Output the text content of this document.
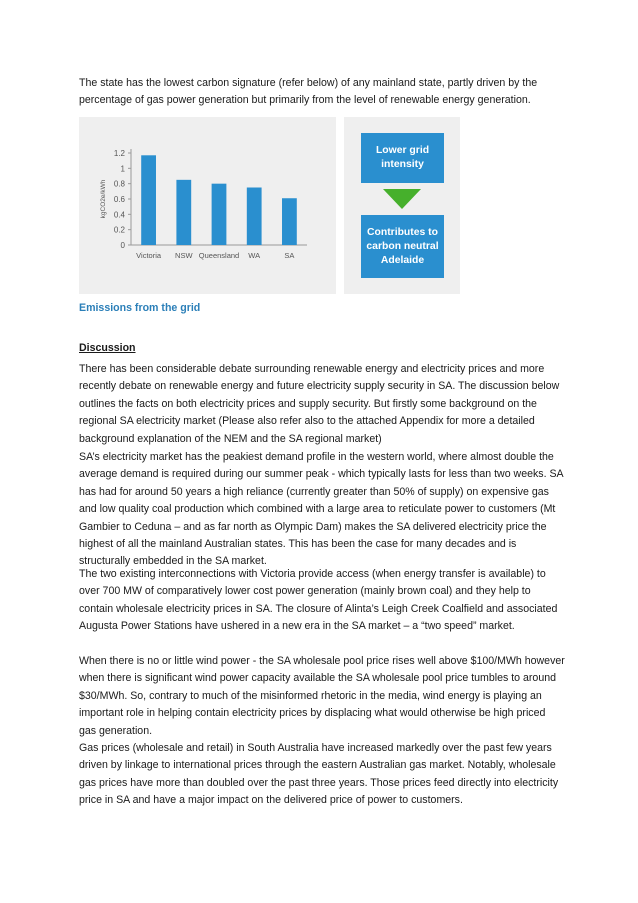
The state has the lowest carbon signature (refer below) of any mainland state, partly driven by the percentage of gas power generation but primarily from the level of renewable energy generation.

0
0.2
0.4
0.6
0.8
1
1.2
kgCO2e/kWh
Victoria NSW Queensland WA	SA
Lower grid intensity
Contributes to carbon neutral Adelaide

Emissions from the grid

Discussion

There has been considerable debate surrounding renewable energy and electricity prices and more recently debate on renewable energy and future electricity supply security in SA. The discussion below outlines the facts on both electricity prices and supply security. But firstly some background on the regional SA electricity market (Please also refer also to the attached Appendix for more a detailed background explanation of the NEM and the SA regional market)

SA’s electricity market has the peakiest demand profile in the western world, where almost double the average demand is required during our summer peak - which typically lasts for less than two weeks. SA has had for around 50 years a high reliance (currently greater than 50% of supply) on expensive gas and low quality coal production which combined with a large area to reticulate power to customers (Mt Gambier to Ceduna – and as far north as Olympic Dam) makes the SA delivered electricity price the highest of all the mainland Australian states. This has been the case for many decades and is structurally embedded in the SA market.

The two existing interconnections with Victoria provide access (when energy transfer is available) to over 700 MW of comparatively lower cost power generation (mainly brown coal) and they help to contain wholesale electricity prices in SA. The closure of Alinta’s Leigh Creek Coalfield and associated Augusta Power Stations have ushered in a new era in the SA market – a “two speed” market.

When there is no or little wind power - the SA wholesale pool price rises well above $100/MWh however when there is significant wind power capacity available the SA wholesale pool price tumbles to around $30/MWh. So, contrary to much of the misinformed rhetoric in the media, wind energy is playing an important role in helping contain electricity prices by displacing what would otherwise be high priced gas generation.

Gas prices (wholesale and retail) in South Australia have increased markedly over the past few years driven by linkage to international prices through the eastern Australian gas market. Notably, wholesale gas prices have more than doubled over the past three years. Those prices feed directly into electricity price in SA and have a major impact on the delivered price of power to customers.
